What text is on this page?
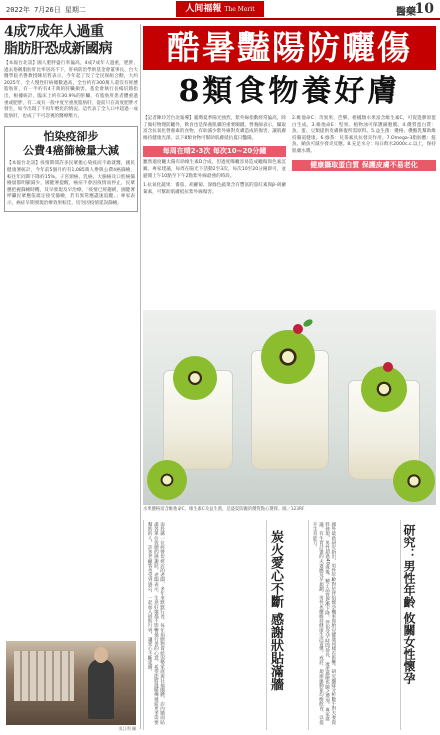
2022年 7月26日 星期二	人间福報 The Merit	醫藥
10
4成7成年人過重
脂肪肝恐成新國病

【本報台北訊】國人肥胖盛行率偏高，4成7成年人過重，肥胖、過去俗稱脂肪肝比率居高不下，肝病防治學術基金會董事長、台大醫學院名譽教授陳培哲表示，今年起了沒了全民保組合勸，大約2025年，全人慢性肝病總數過高，全台約有300萬人還沒有經歷脂肪肝，有一半約有4千萬的肝臟損害。基金會執行長楊培銘指出，根據統計，臨床上約有30.9%的肝臟，有脂肪肝患者體重過重或肥胖，有二成有一般中度至重度脂肪肝，從前只在高度肥胖才發生，如今出現了不再年輕化的情況。這代表了全人口中超過一成脂肪肝，也成了不可忽視的醫療壓力。

怕染疫卻步
公費4癌篩檢量大減

【本報台北訊】疫情期間許多民眾擔心染疫而不敢就醫，國民健康署統計，今年前5個月約有1,085萬人參與公費4癌篩檢，較往年同期下降約15%。子宮頸癌、乳癌、大腸癌及口腔癌篩檢量都明顯減少，國健署提醒，癌症不會因疫情而停止，民眾應把握篩檢時機，及早發現及早治療。「疫情已經趨緩，國健署呼籲民眾應依規定接受篩檢，若有異常應盡速追蹤。」專家表示，癌症早期發現治療效果較佳，切勿因疫情延誤篩檢。

吳江利 攝
酷暑豔陽防曬傷
8類食物養好膚

【記者陳玲芳台北報導】臺灣夏季陽光強烈，紫外線指數經常偏高，除了做好物理防曬外，飲食也是保養肌膚的重要關鍵。營養師表示，攝取富含抗氧化營養素的食物，有助減少紫外線對皮膚造成的傷害，讓肌膚維持健康光澤。以下8類食物可幫助肌膚抵抗夏日豔陽。

每周在晴2-3次 每次10~20分鐘

雖然適度曬太陽有助維生素D合成，但過度曝曬容易造成曬傷與色素沉澱。專家建議，每周在陽光下活動2至3次，每次10至20分鐘即可，並避開上午10點至下午2點紫外線最強的時段。

1.抗氧化蔬果：番茄、胡蘿蔔、深綠色蔬菜含有豐富的茄紅素與β-胡蘿蔔素，可幫助肌膚抵抗紫外線傷害。

2.維他命C：奇異果、芭樂、柑橘類水果富含維生素C，可促進膠原蛋白生成。3.維他命E：堅果、植物油可保護細胞膜。4.優質蛋白質：魚、蛋、豆類提供皮膚修復所需原料。5.益生菌：優格、優酪乳幫助維持腸道健康。6.綠茶：兒茶素具抗發炎作用。7.Omega-3脂肪酸：鮭魚、鯖魚可減少發炎反應。8.充足水分：每日飲水2000c.c.以上，保持肌膚水潤。

健康攝取蛋白質 保護皮膚不易老化
水果優格富含維他命C、維生素C及益生菌，是盛夏防曬的優質點心選擇。圖／123RF
南投縣一位經營炭烤店的老闆，多年來默默行善，每年捐贈物資給弱勢家庭與社福團體，店內牆面貼滿各單位致贈的感謝狀。老闆表示，生意好壞都不影響他行善的心意，希望能將溫暖傳遞給更多需要幫助的人。許多老顧客也受到感召，一起加入捐助行列，讓愛心不斷延續。	炭火愛心不斷 感謝狀貼滿牆	國外最新研究指出，男性年齡對於伴侶懷孕機率與胎兒健康同樣有影響。研究團隊分析數千對夫妻資料發現，男性超過40歲後，精子品質逐漸下降，伴侶受孕時間延長，流產風險也隨之增加。專家建議，有生育計畫的夫妻應及早規劃，男性也應維持健康生活習慣，戒菸、規律運動並均衡飲食，以提升生育能力。	研究：男性年齡 攸關女性懷孕
